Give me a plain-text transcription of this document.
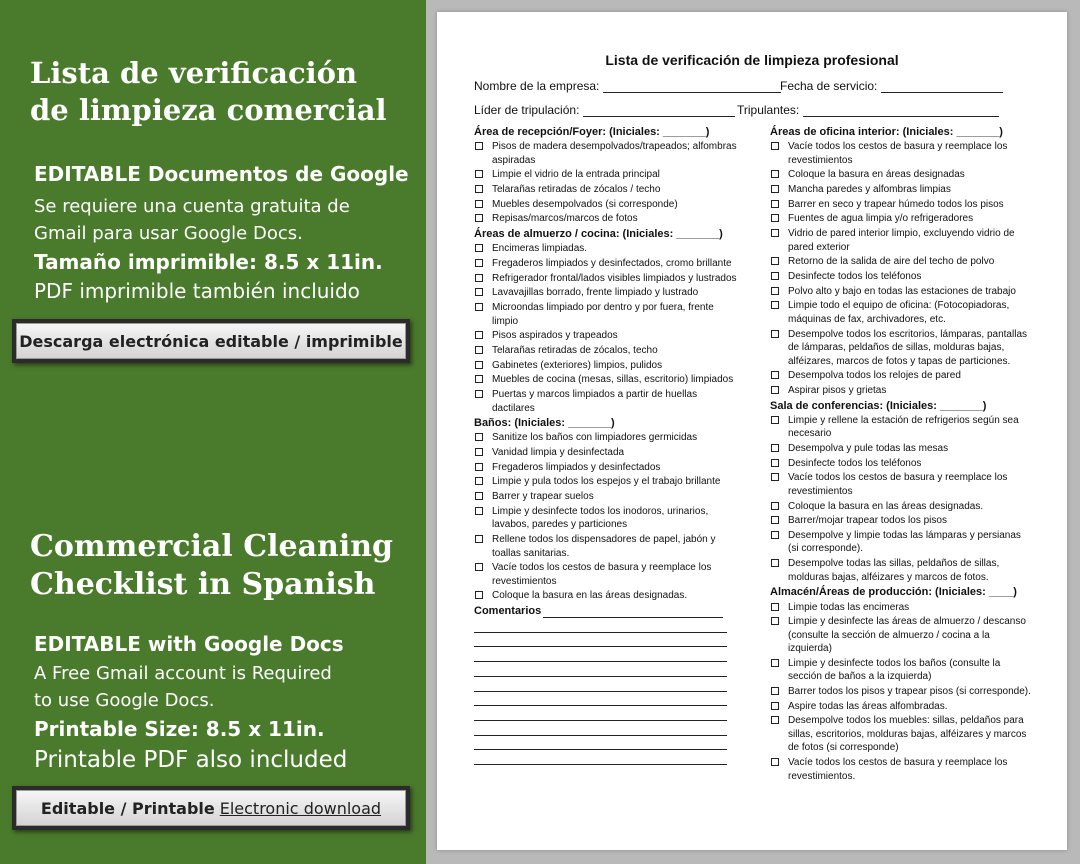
Lista de verificación
de limpieza comercial
EDITABLE Documentos de Google
Se requiere una cuenta gratuita de
Gmail para usar Google Docs.
Tamaño imprimible: 8.5 x 11in.
PDF imprimible también incluido
Descarga electrónica editable / imprimible
Commercial Cleaning
Checklist in Spanish
EDITABLE with Google Docs
A Free Gmail account is Required
to use Google Docs.
Printable Size: 8.5 x 11in.
Printable PDF also included
Editable / Printable Electronic download
Lista de verificación de limpieza profesional
Nombre de la empresa:	Fecha de servicio:
Líder de tripulación:	Tripulantes:
Área de recepción/Foyer: (Iniciales: _______)
Pisos de madera desempolvados/trapeados; alfombras aspiradas
Limpie el vidrio de la entrada principal
Telarañas retiradas de zócalos / techo
Muebles desempolvados (si corresponde)
Repisas/marcos/marcos de fotos
Áreas de almuerzo / cocina: (Iniciales: _______)
Encimeras limpiadas.
Fregaderos limpiados y desinfectados, cromo brillante
Refrigerador frontal/lados visibles limpiados y lustrados
Lavavajillas borrado, frente limpiado y lustrado
Microondas limpiado por dentro y por fuera, frente limpio
Pisos aspirados y trapeados
Telarañas retiradas de zócalos, techo
Gabinetes (exteriores) limpios, pulidos
Muebles de cocina (mesas, sillas, escritorio) limpiados
Puertas y marcos limpiados a partir de huellas dactilares
Baños: (Iniciales: _______)
Sanitize los baños con limpiadores germicidas
Vanidad limpia y desinfectada
Fregaderos limpiados y desinfectados
Limpie y pula todos los espejos y el trabajo brillante
Barrer y trapear suelos
Limpie y desinfecte todos los inodoros, urinarios, lavabos, paredes y particiones
Rellene todos los dispensadores de papel, jabón y toallas sanitarias.
Vacíe todos los cestos de basura y reemplace los revestimientos
Coloque la basura en las áreas designadas.
Comentarios
Áreas de oficina interior: (Iniciales: _______)
Vacíe todos los cestos de basura y reemplace los revestimientos
Coloque la basura en áreas designadas
Mancha paredes y alfombras limpias
Barrer en seco y trapear húmedo todos los pisos
Fuentes de agua limpia y/o refrigeradores
Vidrio de pared interior limpio, excluyendo vidrio de pared exterior
Retorno de la salida de aire del techo de polvo
Desinfecte todos los teléfonos
Polvo alto y bajo en todas las estaciones de trabajo
Limpie todo el equipo de oficina: (Fotocopiadoras, máquinas de fax, archivadores, etc.
Desempolve todos los escritorios, lámparas, pantallas de lámparas, peldaños de sillas, molduras bajas, alféizares, marcos de fotos y tapas de particiones.
Desempolva todos los relojes de pared
Aspirar pisos y grietas
Sala de conferencias: (Iniciales: _______)
Limpie y rellene la estación de refrigerios según sea necesario
Desempolva y pule todas las mesas
Desinfecte todos los teléfonos
Vacíe todos los cestos de basura y reemplace los revestimientos
Coloque la basura en las áreas designadas.
Barrer/mojar trapear todos los pisos
Desempolve y limpie todas las lámparas y persianas (si corresponde).
Desempolve todas las sillas, peldaños de sillas, molduras bajas, alféizares y marcos de fotos.
Almacén/Áreas de producción: (Iniciales: ____)
Limpie todas las encimeras
Limpie y desinfecte las áreas de almuerzo / descanso (consulte la sección de almuerzo / cocina a la izquierda)
Limpie y desinfecte todos los baños (consulte la sección de baños a la izquierda)
Barrer todos los pisos y trapear pisos (si corresponde).
Aspire todas las áreas alfombradas.
Desempolve todos los muebles: sillas, peldaños para sillas, escritorios, molduras bajas, alféizares y marcos de fotos (si corresponde)
Vacíe todos los cestos de basura y reemplace los revestimientos.
